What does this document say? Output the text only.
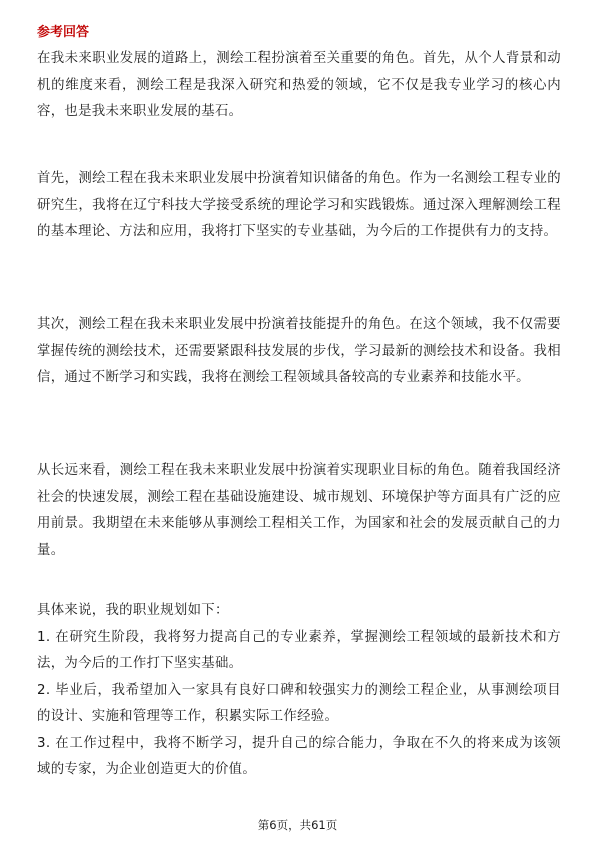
参考回答

在我未来职业发展的道路上，测绘工程扮演着至关重要的角色。首先，从个人背景和动机的维度来看，测绘工程是我深入研究和热爱的领域，它不仅是我专业学习的核心内容，也是我未来职业发展的基石。

首先，测绘工程在我未来职业发展中扮演着知识储备的角色。作为一名测绘工程专业的研究生，我将在辽宁科技大学接受系统的理论学习和实践锻炼。通过深入理解测绘工程的基本理论、方法和应用，我将打下坚实的专业基础，为今后的工作提供有力的支持。

其次，测绘工程在我未来职业发展中扮演着技能提升的角色。在这个领域，我不仅需要掌握传统的测绘技术，还需要紧跟科技发展的步伐，学习最新的测绘技术和设备。我相信，通过不断学习和实践，我将在测绘工程领域具备较高的专业素养和技能水平。

从长远来看，测绘工程在我未来职业发展中扮演着实现职业目标的角色。随着我国经济社会的快速发展，测绘工程在基础设施建设、城市规划、环境保护等方面具有广泛的应用前景。我期望在未来能够从事测绘工程相关工作，为国家和社会的发展贡献自己的力量。

具体来说，我的职业规划如下：
1. 在研究生阶段，我将努力提高自己的专业素养，掌握测绘工程领域的最新技术和方法，为今后的工作打下坚实基础。
2. 毕业后，我希望加入一家具有良好口碑和较强实力的测绘工程企业，从事测绘项目的设计、实施和管理等工作，积累实际工作经验。
3. 在工作过程中，我将不断学习，提升自己的综合能力，争取在不久的将来成为该领域的专家，为企业创造更大的价值。
第6页，共61页
